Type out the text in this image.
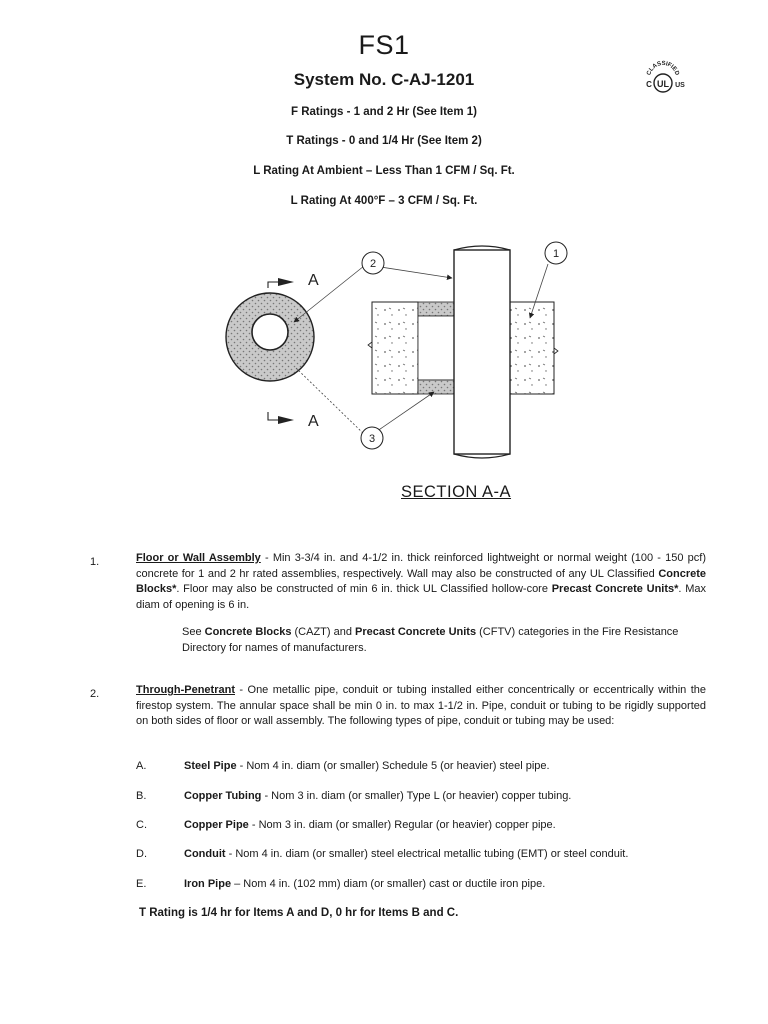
FS1
System No. C-AJ-1201
F Ratings - 1 and 2 Hr (See Item 1)
T Ratings - 0 and 1/4 Hr (See Item 2)
L Rating At Ambient – Less Than 1 CFM / Sq. Ft.
L Rating At 400°F – 3 CFM / Sq. Ft.
CLASSIFIED
UL
C	US
A
A
2
1
3
SECTION A-A
1.	Floor or Wall Assembly - Min 3-3/4 in. and 4-1/2 in. thick reinforced lightweight or normal weight (100 - 150 pcf) concrete for 1 and 2 hr rated assemblies, respectively. Wall may also be constructed of any UL Classified Concrete Blocks*. Floor may also be constructed of min 6 in. thick UL Classified hollow-core Precast Concrete Units*. Max diam of opening is 6 in.
See Concrete Blocks (CAZT) and Precast Concrete Units (CFTV) categories in the Fire Resistance Directory for names of manufacturers.
2.	Through-Penetrant - One metallic pipe, conduit or tubing installed either concentrically or eccentrically within the firestop system. The annular space shall be min 0 in. to max 1-1/2 in. Pipe, conduit or tubing to be rigidly supported on both sides of floor or wall assembly. The following types of pipe, conduit or tubing may be used:
A.	Steel Pipe - Nom 4 in. diam (or smaller) Schedule 5 (or heavier) steel pipe.
B.	Copper Tubing - Nom 3 in. diam (or smaller) Type L (or heavier) copper tubing.
C.	Copper Pipe - Nom 3 in. diam (or smaller) Regular (or heavier) copper pipe.
D.	Conduit - Nom 4 in. diam (or smaller) steel electrical metallic tubing (EMT) or steel conduit.
E.	Iron Pipe – Nom 4 in. (102 mm) diam (or smaller) cast or ductile iron pipe.
T Rating is 1/4 hr for Items A and D, 0 hr for Items B and C.
